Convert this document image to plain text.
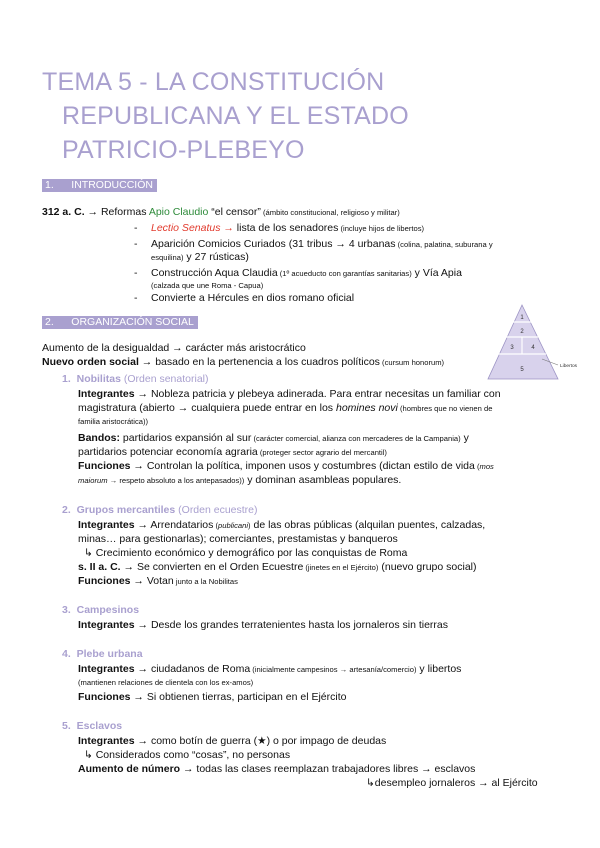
TEMA 5 - LA CONSTITUCIÓN
REPUBLICANA Y EL ESTADO
PATRICIO-PLEBEYO
1. INTRODUCCIÓN
312 a. C. → Reformas Apio Claudio “el censor” (ámbito constitucional, religioso y militar)
- Lectio Senatus → lista de los senadores (incluye hijos de libertos)
- Aparición Comicios Curiados (31 tribus → 4 urbanas (colina, palatina, suburana y
esquilina) y 27 rústicas)
- Construcción Aqua Claudia (1º acueducto con garantías sanitarias) y Vía Apia
(calzada que une Roma - Capua)
- Convierte a Hércules en dios romano oficial
2. ORGANIZACIÓN SOCIAL
Aumento de la desigualdad → carácter más aristocrático
Nuevo orden social → basado en la pertenencia a los cuadros políticos (cursum honorum)
1
2
3	4
5
Libertos
1. Nobilitas (Orden senatorial)
Integrantes → Nobleza patricia y plebeya adinerada. Para entrar necesitas un familiar con
magistratura (abierto → cualquiera puede entrar en los homines novi (hombres que no vienen de
familia aristocrática))
Bandos: partidarios expansión al sur (carácter comercial, alianza con mercaderes de la Campania) y
partidarios potenciar economía agraria (proteger sector agrario del mercantil)
Funciones → Controlan la política, imponen usos y costumbres (dictan estilo de vida (mos
maiorum → respeto absoluto a los antepasados)) y dominan asambleas populares.
2. Grupos mercantiles (Orden ecuestre)
Integrantes → Arrendatarios (publicani) de las obras públicas (alquilan puentes, calzadas,
minas… para gestionarlas); comerciantes, prestamistas y banqueros
↳ Crecimiento económico y demográfico por las conquistas de Roma
s. II a. C. → Se convierten en el Orden Ecuestre (jinetes en el Ejército) (nuevo grupo social)
Funciones → Votan junto a la Nobilitas
3. Campesinos
Integrantes → Desde los grandes terratenientes hasta los jornaleros sin tierras
4. Plebe urbana
Integrantes → ciudadanos de Roma (inicialmente campesinos → artesanía/comercio) y libertos
(mantienen relaciones de clientela con los ex-amos)
Funciones → Si obtienen tierras, participan en el Ejército
5. Esclavos
Integrantes → como botín de guerra (★) o por impago de deudas
↳ Considerados como “cosas”, no personas
Aumento de número → todas las clases reemplazan trabajadores libres → esclavos
↳desempleo jornaleros → al Ejército
